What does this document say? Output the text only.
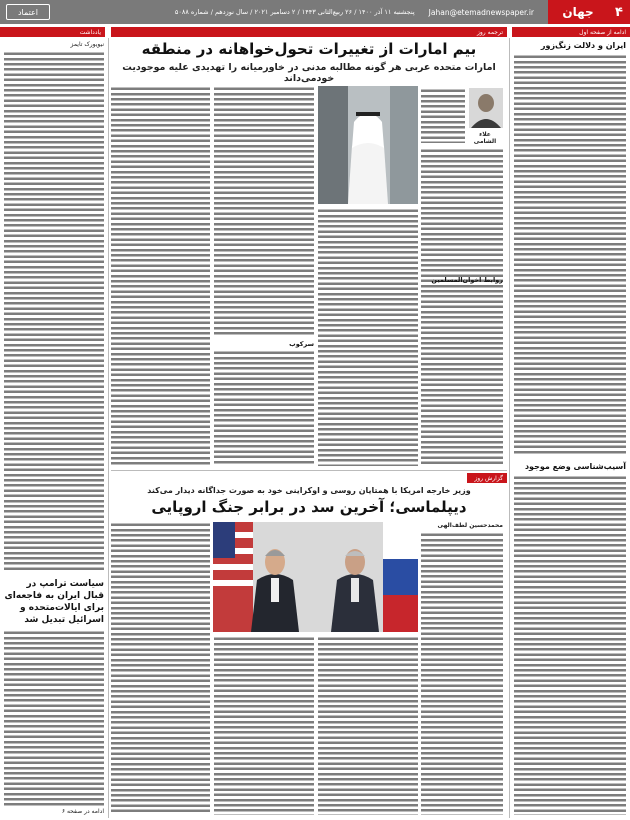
۴
جهان
Jahan@etemadnewspaper.ir
پنجشنبه ۱۱ آذر ۱۴۰۰ / ۲۶ ربیع‌الثانی ۱۴۴۳ / ۲ دسامبر ۲۰۲۱ / سال نوزدهم / شماره ۵۰۸۸
اعتماد
ادامه از صفحه اول
ترجمه روز
یادداشت
ایران و دلالت زنگ‌زور
آسیب‌شناسی وضع موجود
بیم امارات از تغییرات تحول‌خواهانه در منطقه
امارات متحده عربی هر گونه مطالبه مدنی در خاورمیانه را تهدیدی علیه موجودیت خودمی‌داند
علاء الشامی
سرکوب
روابط اخوان‌المسلمین
گزارش روز
وزیر خارجه امریکا با همتایان روسی و اوکراینی خود به صورت جداگانه دیدار می‌کند
دیپلماسی؛ آخرین سد در برابر جنگ اروپایی
محمدحسین لطف‌الهی
نیویورک تایمز
سیاست ترامپ در قبال ایران به فاجعه‌ای برای ایالات‌متحده و اسرائیل تبدیل شد
ادامه در صفحه ۶
